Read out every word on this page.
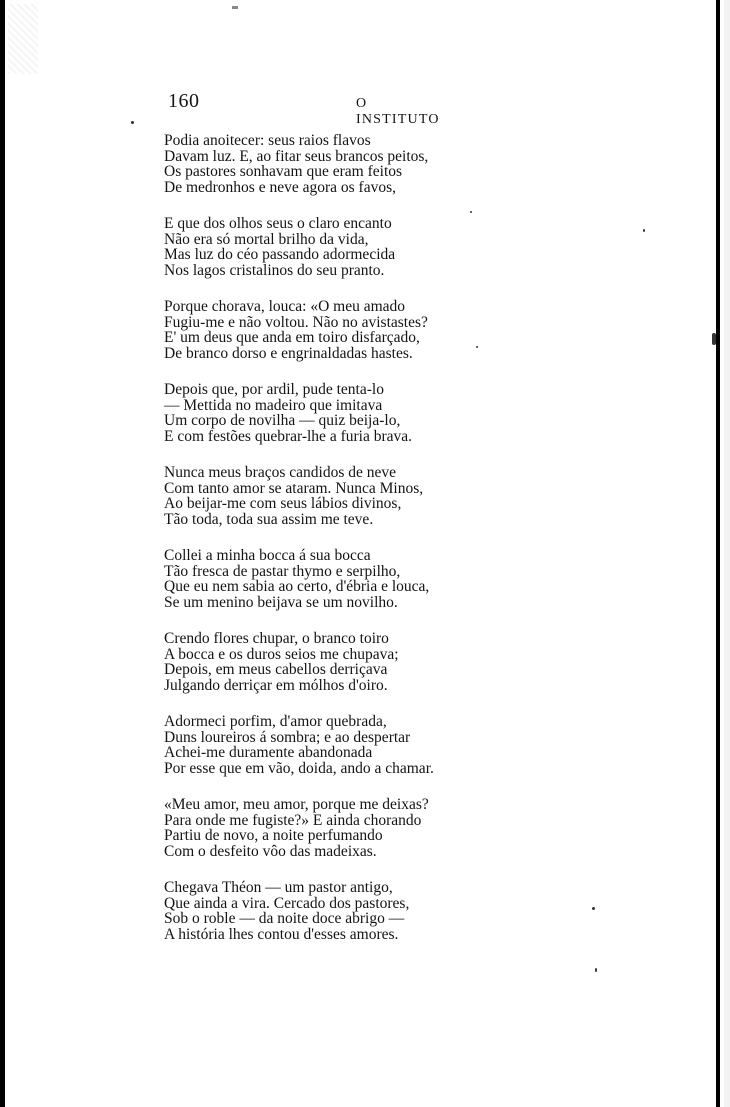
160	O INSTITUTO
Podia anoitecer: seus raios flavos
Davam luz. E, ao fitar seus brancos peitos,
Os pastores sonhavam que eram feitos
De medronhos e neve agora os favos,
E que dos olhos seus o claro encanto
Não era só mortal brilho da vida,
Mas luz do céo passando adormecida
Nos lagos cristalinos do seu pranto.
Porque chorava, louca: «O meu amado
Fugiu-me e não voltou. Não no avistastes?
E' um deus que anda em toiro disfarçado,
De branco dorso e engrinaldadas hastes.
Depois que, por ardil, pude tenta-lo
— Mettida no madeiro que imitava
Um corpo de novilha — quiz beija-lo,
E com festões quebrar-lhe a furia brava.
Nunca meus braços candidos de neve
Com tanto amor se ataram. Nunca Minos,
Ao beijar-me com seus lábios divinos,
Tão toda, toda sua assim me teve.
Collei a minha bocca á sua bocca
Tão fresca de pastar thymo e serpilho,
Que eu nem sabia ao certo, d'ébria e louca,
Se um menino beijava se um novilho.
Crendo flores chupar, o branco toiro
A bocca e os duros seios me chupava;
Depois, em meus cabellos derriçava
Julgando derriçar em mólhos d'oiro.
Adormeci porfim, d'amor quebrada,
Duns loureiros á sombra; e ao despertar
Achei-me duramente abandonada
Por esse que em vão, doida, ando a chamar.
«Meu amor, meu amor, porque me deixas?
Para onde me fugiste?» E ainda chorando
Partiu de novo, a noite perfumando
Com o desfeito vôo das madeixas.
Chegava Théon — um pastor antigo,
Que ainda a vira. Cercado dos pastores,
Sob o roble — da noite doce abrigo —
A história lhes contou d'esses amores.
